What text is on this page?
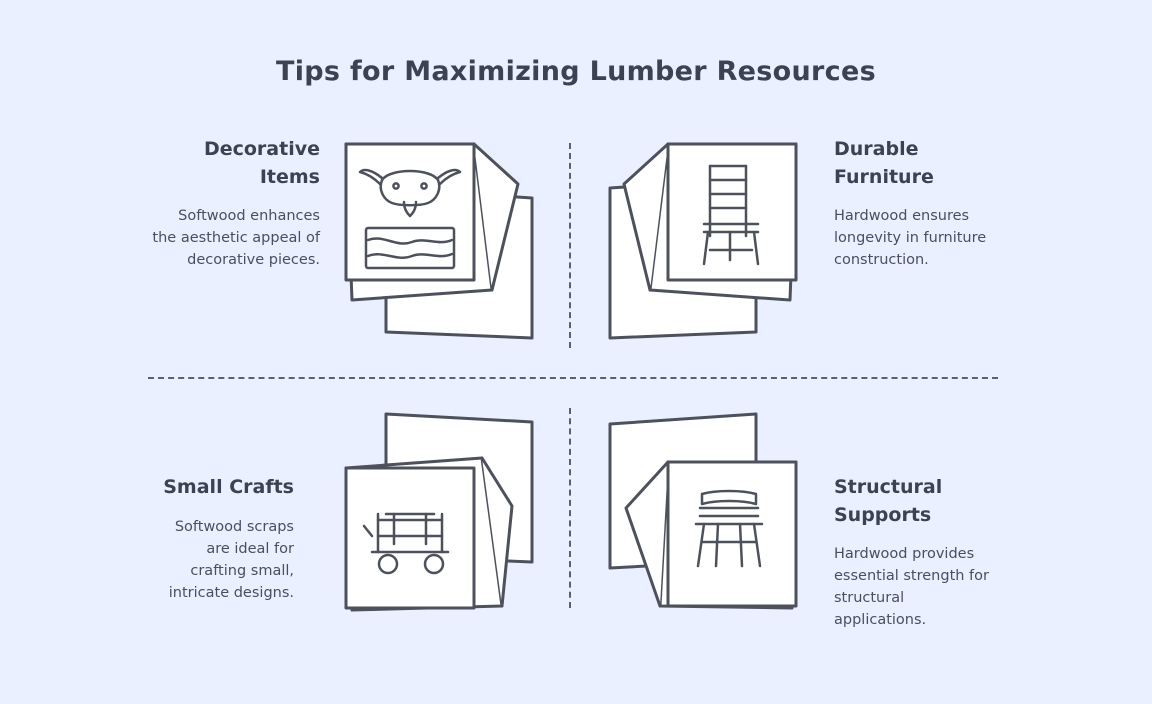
Tips for Maximizing Lumber Resources
Decorative Items

Softwood enhances the aesthetic appeal of decorative pieces.

Durable Furniture

Hardwood ensures longevity in furniture construction.

Small Crafts

Softwood scraps are ideal for crafting small, intricate designs.

Structural Supports

Hardwood provides essential strength for structural applications.
